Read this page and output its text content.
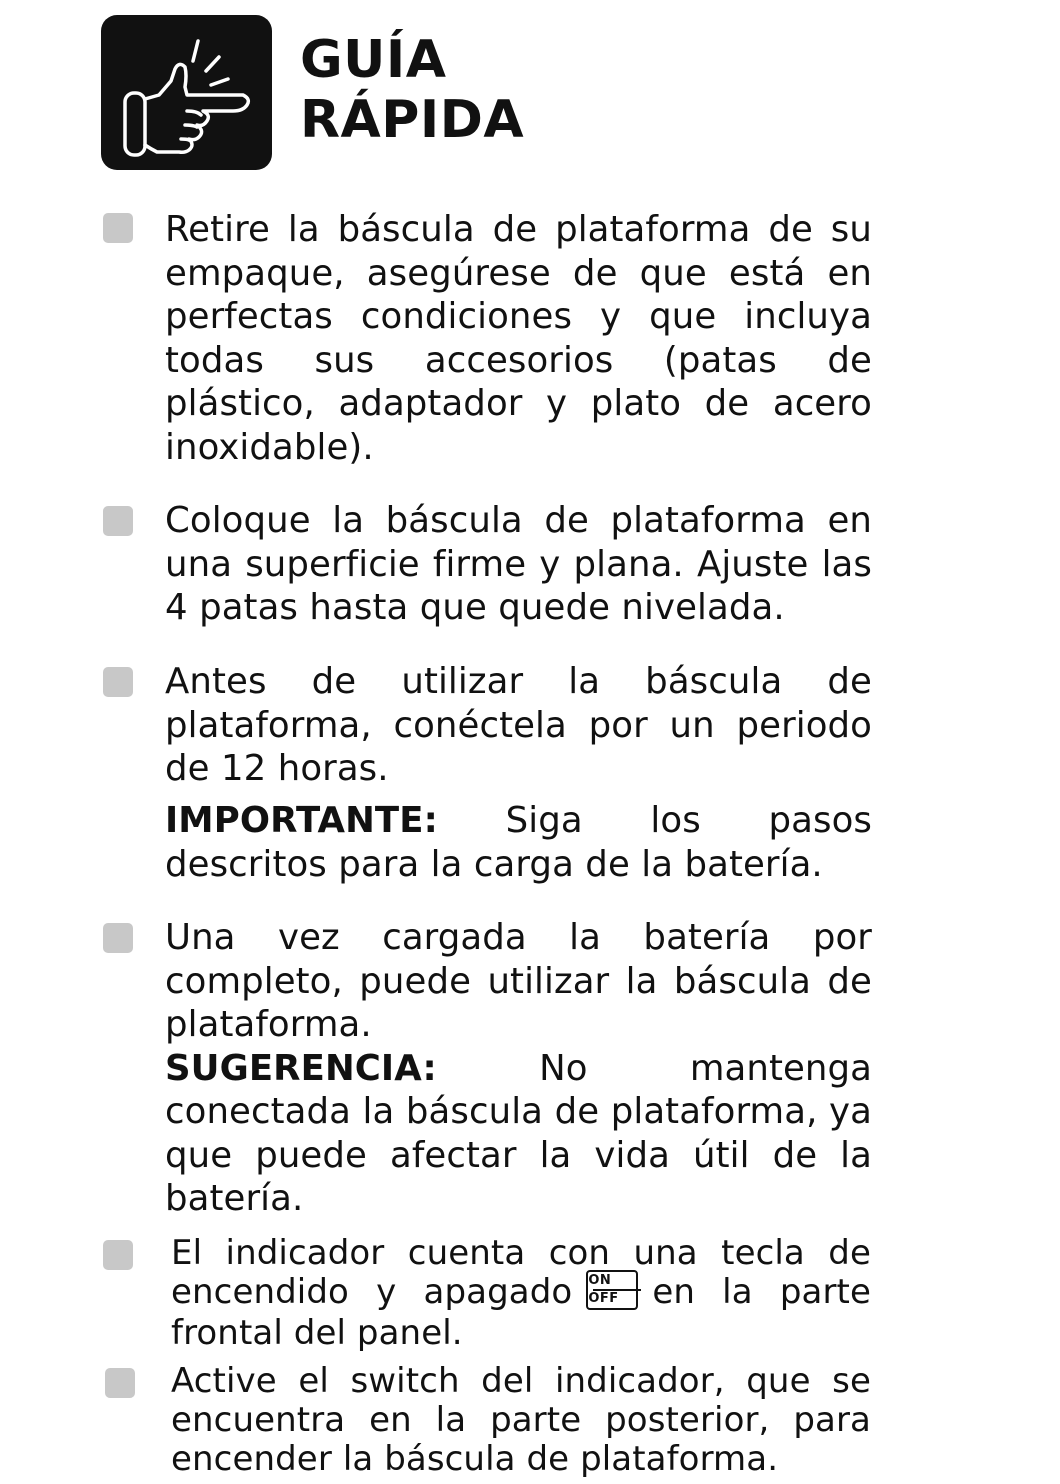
GUÍA
RÁPIDA
Retire la báscula de plataforma de su empaque, asegúrese de que está en perfectas condiciones y que incluya todas sus accesorios (patas de plástico, adaptador y plato de acero inoxidable).
Coloque la báscula de plataforma en una superficie firme y plana. Ajuste las 4 patas hasta que quede nivelada.
Antes de utilizar la báscula de plataforma, conéctela por un periodo de 12 horas.
IMPORTANTE: Siga los pasos descritos para la carga de la batería.
Una vez cargada la batería por completo, puede utilizar la báscula de plataforma.
SUGERENCIA:	No mantenga conectada la báscula de plataforma, ya que puede afectar la vida útil de la batería.
El indicador cuenta con una tecla de encendido y apagado ON
OFF en la parte frontal del panel.
Active el switch del indicador, que se encuentra en la parte posterior, para encender la báscula de plataforma.
